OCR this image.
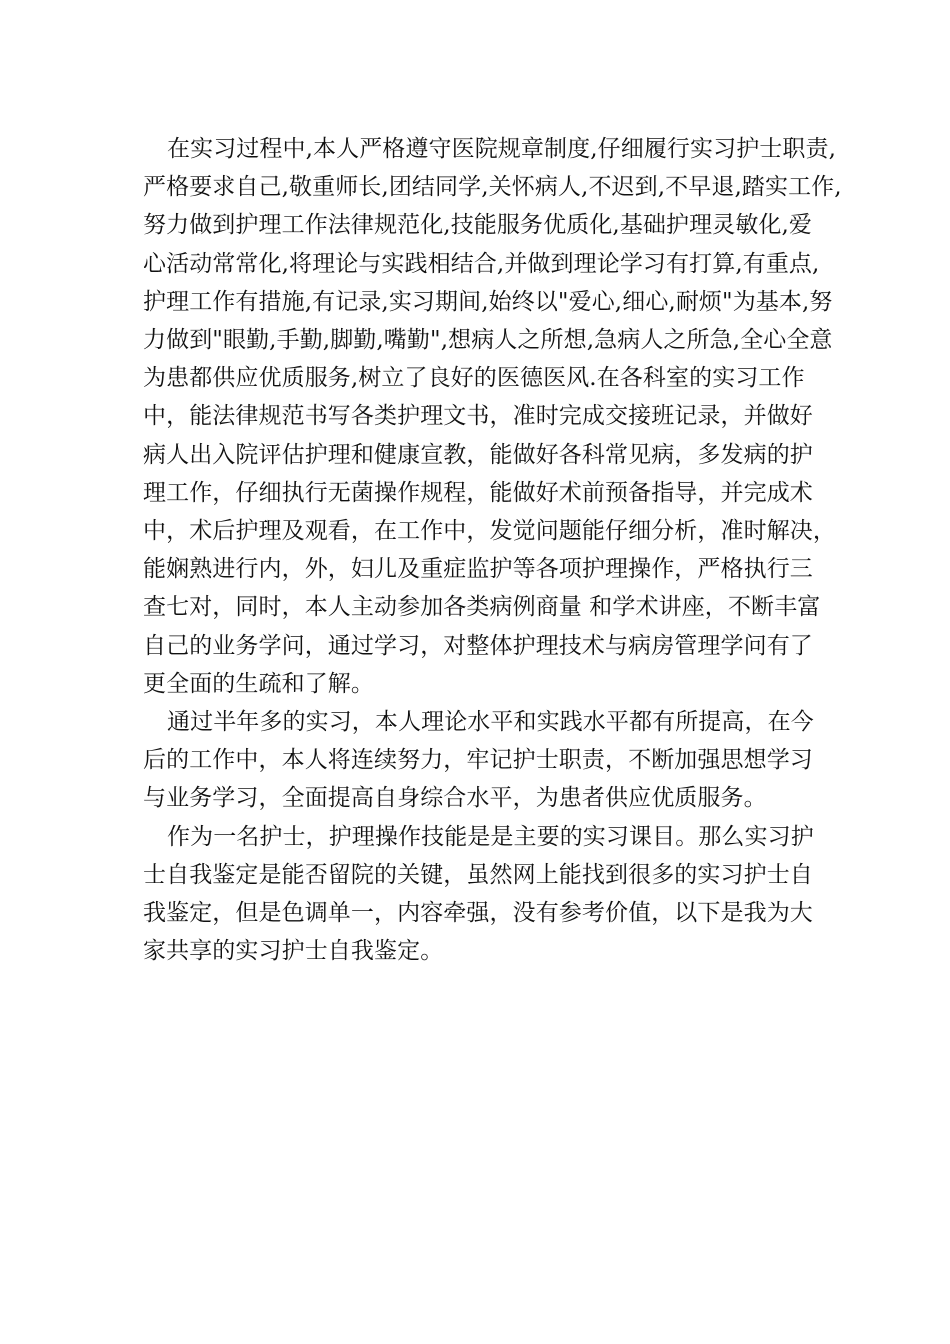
在实习过程中,本人严格遵守医院规章制度,仔细履行实习护士职责,
严格要求自己,敬重师长,团结同学,关怀病人,不迟到,不早退,踏实工作,
努力做到护理工作法律规范化,技能服务优质化,基础护理灵敏化,爱
心活动常常化,将理论与实践相结合,并做到理论学习有打算,有重点,
护理工作有措施,有记录,实习期间,始终以"爱心,细心,耐烦"为基本,努
力做到"眼勤,手勤,脚勤,嘴勤",想病人之所想,急病人之所急,全心全意
为患都供应优质服务,树立了良好的医德医风.在各科室的实习工作
中，能法律规范书写各类护理文书，准时完成交接班记录，并做好
病人出入院评估护理和健康宣教，能做好各科常见病，多发病的护
理工作，仔细执行无菌操作规程，能做好术前预备指导，并完成术
中，术后护理及观看，在工作中，发觉问题能仔细分析，准时解决，
能娴熟进行内，外，妇儿及重症监护等各项护理操作，严格执行三
查七对，同时，本人主动参加各类病例商量 和学术讲座，不断丰富
自己的业务学问，通过学习，对整体护理技术与病房管理学问有了
更全面的生疏和了解。

通过半年多的实习，本人理论水平和实践水平都有所提高，在今
后的工作中，本人将连续努力，牢记护士职责，不断加强思想学习
与业务学习，全面提高自身综合水平，为患者供应优质服务。

作为一名护士，护理操作技能是是主要的实习课目。那么实习护
士自我鉴定是能否留院的关键，虽然网上能找到很多的实习护士自
我鉴定，但是色调单一，内容牵强，没有参考价值，以下是我为大
家共享的实习护士自我鉴定。
